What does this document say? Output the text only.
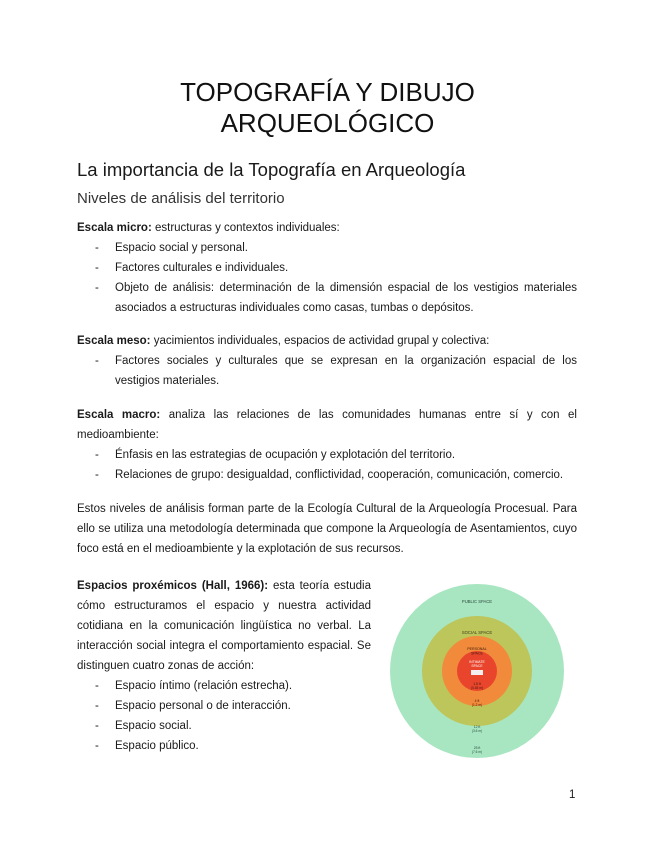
TOPOGRAFÍA Y DIBUJO
ARQUEOLÓGICO
La importancia de la Topografía en Arqueología
Niveles de análisis del territorio

Escala micro: estructuras y contextos individuales:

- Espacio social y personal.
- Factores culturales e individuales.
- Objeto de análisis: determinación de la dimensión espacial de los vestigios materiales asociados a estructuras individuales como casas, tumbas o depósitos.

Escala meso: yacimientos individuales, espacios de actividad grupal y colectiva:

- Factores sociales y culturales que se expresan en la organización espacial de los vestigios materiales.

Escala macro: analiza las relaciones de las comunidades humanas entre sí y con el medioambiente:

- Énfasis en las estrategias de ocupación y explotación del territorio.
- Relaciones de grupo: desigualdad, conflictividad, cooperación, comunicación, comercio.

Estos niveles de análisis forman parte de la Ecología Cultural de la Arqueología Procesual. Para ello se utiliza una metodología determinada que compone la Arqueología de Asentamientos, cuyo foco está en el medioambiente y la explotación de sus recursos.

Espacios proxémicos (Hall, 1966): esta teoría estudia cómo estructuramos el espacio y nuestra actividad cotidiana en la comunicación lingüística no verbal. La interacción social integra el comportamiento espacial. Se distinguen cuatro zonas de acción:

- Espacio íntimo (relación estrecha).
- Espacio personal o de interacción.
- Espacio social.
- Espacio público.
PUBLIC SPACE
SOCIAL SPACE
PERSONAL
SPACE
INTIMATE
SPACE
1.5 ft
(0.45 m)
4 ft
(1.2 m)
12 ft
(3.6 m)
25 ft
(7.6 m)
1
